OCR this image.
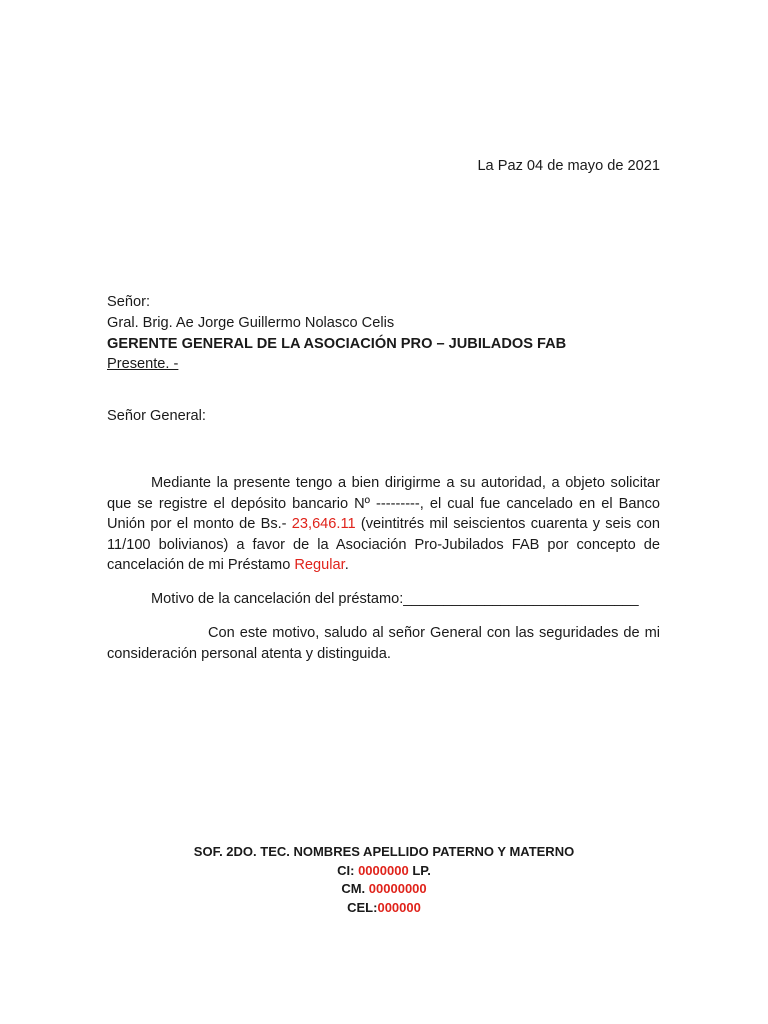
La Paz 04 de mayo de 2021
Señor:
Gral. Brig. Ae Jorge Guillermo Nolasco Celis
GERENTE GENERAL DE LA ASOCIACIÓN PRO – JUBILADOS FAB
Presente. -
Señor General:
Mediante la presente tengo a bien dirigirme a su autoridad, a objeto solicitar que se registre el depósito bancario Nº ---------, el cual fue cancelado en el Banco Unión por el monto de Bs.- 23,646.11 (veintitrés mil seiscientos cuarenta y seis con 11/100 bolivianos) a favor de la Asociación Pro-Jubilados FAB por concepto de cancelación de mi Préstamo Regular.
Motivo de la cancelación del préstamo:_____________________________
Con este motivo, saludo al señor General con las seguridades de mi consideración personal atenta y distinguida.
SOF. 2DO. TEC. NOMBRES APELLIDO PATERNO Y MATERNO
CI: 0000000 LP.
CM. 00000000
CEL:000000
